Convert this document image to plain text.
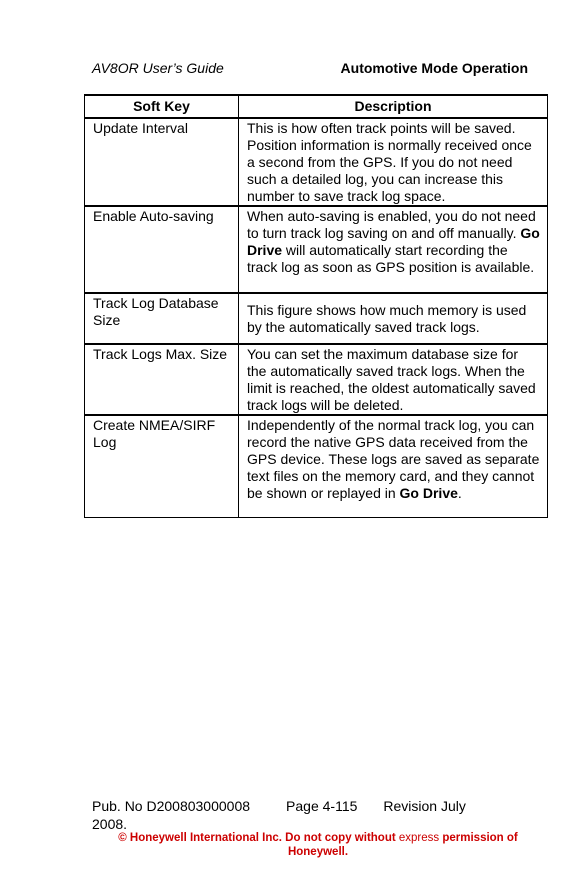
AV8OR User’s Guide	Automotive Mode Operation
Soft Key	Description
Update Interval	This is how often track points will be saved. Position information is normally received once a second from the GPS. If you do not need such a detailed log, you can increase this number to save track log space.
Enable Auto-saving	When auto-saving is enabled, you do not need to turn track log saving on and off manually. Go Drive will automatically start recording the track log as soon as GPS position is available.
Track Log Database Size	This figure shows how much memory is used by the automatically saved track logs.
Track Logs Max. Size	You can set the maximum database size for the automatically saved track logs. When the limit is reached, the oldest automatically saved track logs will be deleted.
Create NMEA/SIRF Log	Independently of the normal track log, you can record the native GPS data received from the GPS device. These logs are saved as separate text files on the memory card, and they cannot be shown or replayed in Go Drive.
Pub. No D200803000008	Page 4-115 Revision July
2008.
© Honeywell International Inc. Do not copy without express permission of Honeywell.
